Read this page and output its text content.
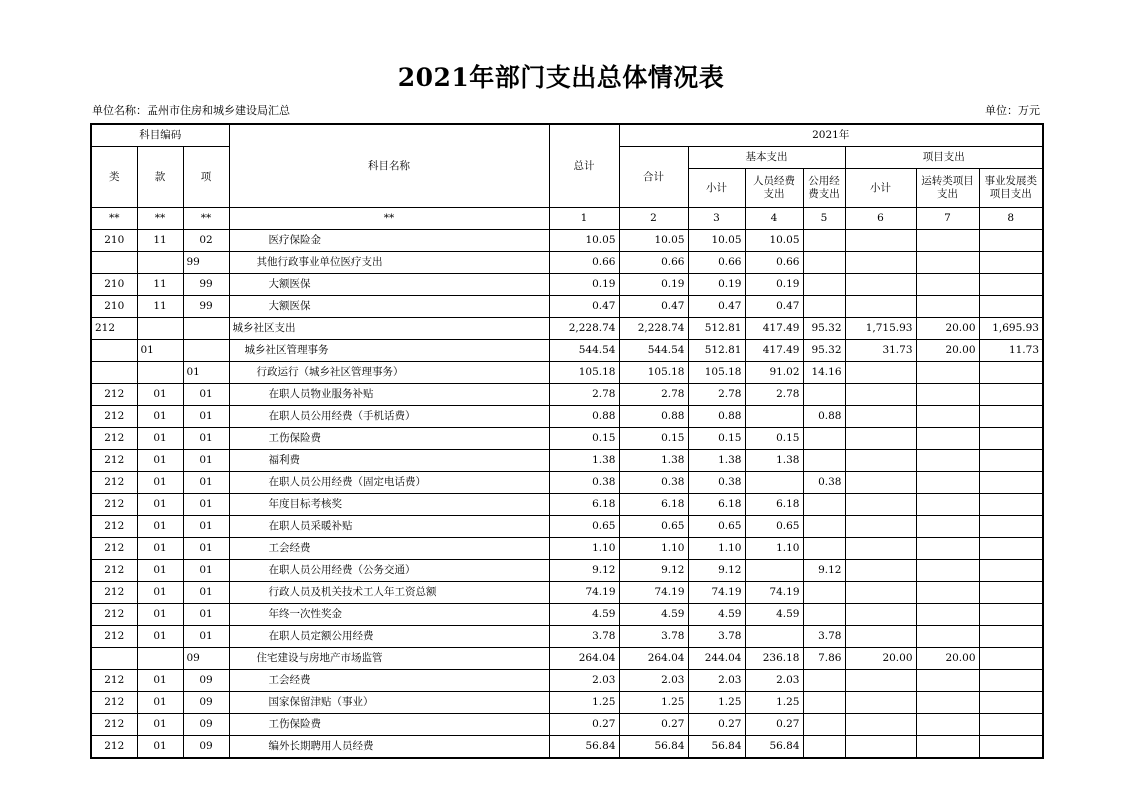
2021年部门支出总体情况表
单位名称：孟州市住房和城乡建设局汇总	单位：万元
科目编码			科目名称	总计	2021年						
类	款	项			合计	基本支出			项目支出		
						小计	人员经费支出	公用经费支出	小计	运转类项目支出	事业发展类项目支出
**	**	**	**	1	2	3	4	5	6	7	8
210	11	02	医疗保险金	10.05	10.05	10.05	10.05				
		99	其他行政事业单位医疗支出	0.66	0.66	0.66	0.66				
210	11	99	大额医保	0.19	0.19	0.19	0.19				
210	11	99	大额医保	0.47	0.47	0.47	0.47				
212			城乡社区支出	2,228.74	2,228.74	512.81	417.49	95.32	1,715.93	20.00	1,695.93
	01		城乡社区管理事务	544.54	544.54	512.81	417.49	95.32	31.73	20.00	11.73
		01	行政运行（城乡社区管理事务）	105.18	105.18	105.18	91.02	14.16			
212	01	01	在职人员物业服务补贴	2.78	2.78	2.78	2.78				
212	01	01	在职人员公用经费（手机话费）	0.88	0.88	0.88		0.88			
212	01	01	工伤保险费	0.15	0.15	0.15	0.15				
212	01	01	福利费	1.38	1.38	1.38	1.38				
212	01	01	在职人员公用经费（固定电话费）	0.38	0.38	0.38		0.38			
212	01	01	年度目标考核奖	6.18	6.18	6.18	6.18				
212	01	01	在职人员采暖补贴	0.65	0.65	0.65	0.65				
212	01	01	工会经费	1.10	1.10	1.10	1.10				
212	01	01	在职人员公用经费（公务交通）	9.12	9.12	9.12		9.12			
212	01	01	行政人员及机关技术工人年工资总额	74.19	74.19	74.19	74.19				
212	01	01	年终一次性奖金	4.59	4.59	4.59	4.59				
212	01	01	在职人员定额公用经费	3.78	3.78	3.78		3.78			
		09	住宅建设与房地产市场监管	264.04	264.04	244.04	236.18	7.86	20.00	20.00	
212	01	09	工会经费	2.03	2.03	2.03	2.03				
212	01	09	国家保留津贴（事业）	1.25	1.25	1.25	1.25				
212	01	09	工伤保险费	0.27	0.27	0.27	0.27				
212	01	09	编外长期聘用人员经费	56.84	56.84	56.84	56.84				
